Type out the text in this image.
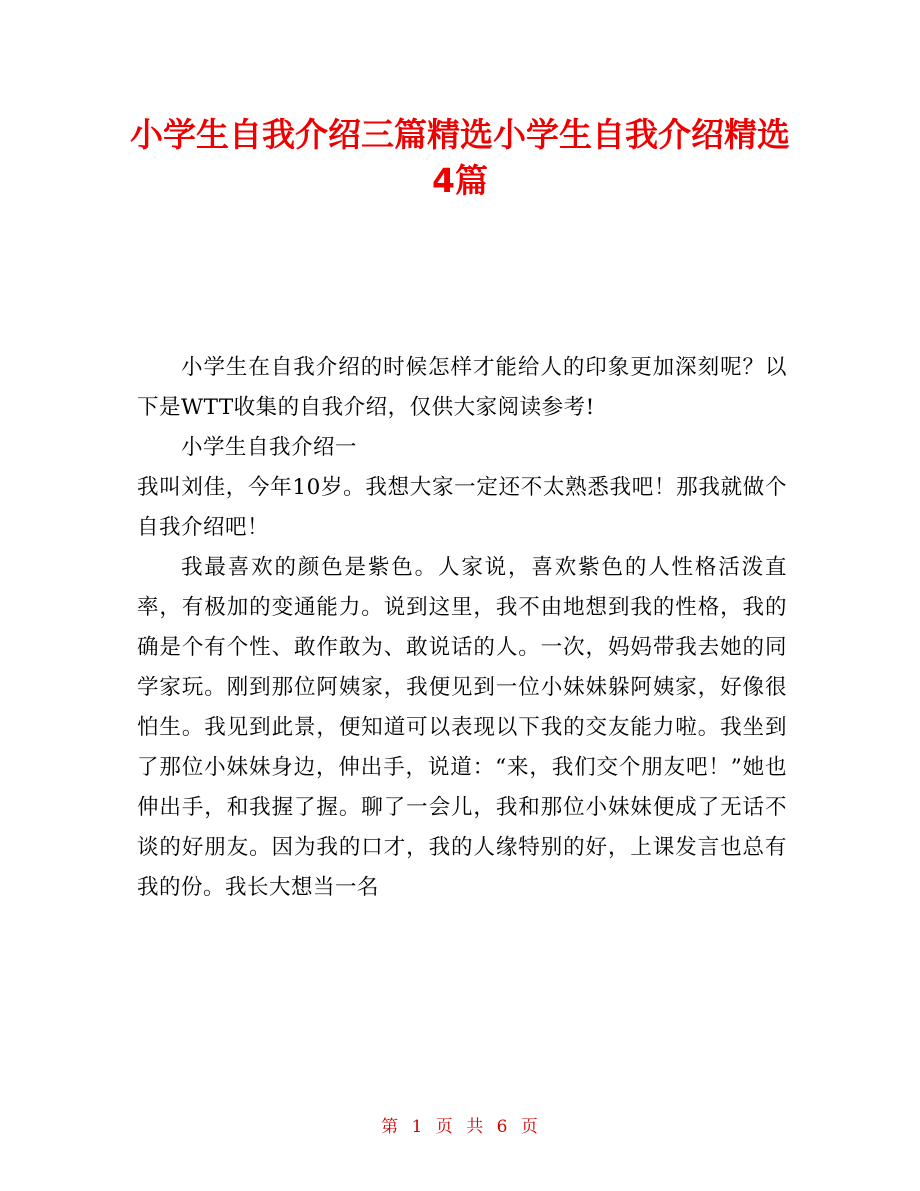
小学生自我介绍三篇精选小学生自我介绍精选4篇

小学生在自我介绍的时候怎样才能给人的印象更加深刻呢？以下是WTT收集的自我介绍，仅供大家阅读参考!

小学生自我介绍一

我叫刘佳，今年10岁。我想大家一定还不太熟悉我吧！那我就做个自我介绍吧！

我最喜欢的颜色是紫色。人家说，喜欢紫色的人性格活泼直率，有极加的变通能力。说到这里，我不由地想到我的性格，我的确是个有个性、敢作敢为、敢说话的人。一次，妈妈带我去她的同学家玩。刚到那位阿姨家，我便见到一位小妹妹躲阿姨家，好像很怕生。我见到此景，便知道可以表现以下我的交友能力啦。我坐到了那位小妹妹身边，伸出手，说道：“来，我们交个朋友吧！”她也伸出手，和我握了握。聊了一会儿，我和那位小妹妹便成了无话不谈的好朋友。因为我的口才，我的人缘特别的好，上课发言也总有我的份。我长大想当一名

第 1 页 共 6 页
